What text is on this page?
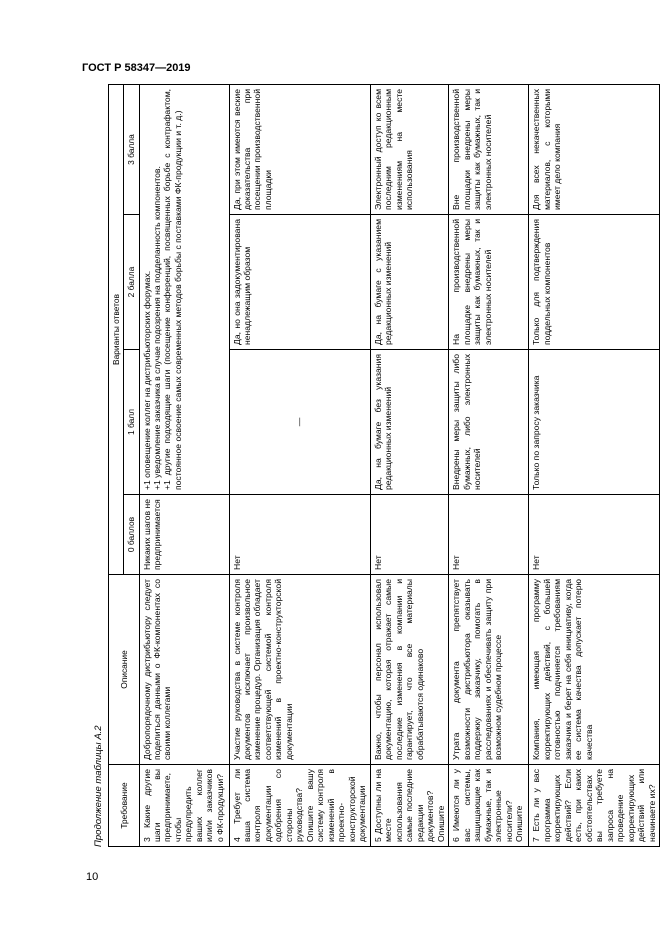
ГОСТ Р 58347—2019
Продолжение таблицы А.2 Требование	Описание	Варианты ответов			
		0 баллов	1 балл	2 балла	3 балла
3 Какие другие шаги вы предпринимаете, чтобы предупредить ваших коллег или/и заказчиков о ФК-продукции?	Добропорядочному дистрибьютору следует поделиться данными о ФК-компонентах со своими коллегами	Никаких шагов не предпринимается	+1 оповещение коллег на дистрибьюторских форумах.
+1 уведомление заказчика в случае подозрения на подделанность компонентов.
+1 другие подходящие шаги (посещение конференций, посвященных борьбе с контрафактом, постоянное освоение самых современных методов борьбы с поставками ФК-продукции и т. д.)		
4 Требует ли ваша система контроля документации одобрения со стороны руководства? Опишите вашу систему контроля изменений в проектно-конструкторской документации	Участие руководства в системе контроля документов исключает произвольное изменение процедур. Организация обладает соответствующей системой контроля изменений в проектно-конструкторской документации	Нет	—	Да, но она задокументирована ненадлежащим образом	Да, при этом имеются веские доказательства при посещении производственной площадки
5 Доступны ли на месте использования самые последние редакции документов? Опишите	Важно, чтобы персонал использовал документацию, которая отражает самые последние изменения в компании и гарантирует, что все материалы обрабатываются одинаково	Нет	Да, на бумаге без указания редакционных изменений	Да, на бумаге с указанием редакционных изменений	Электронный доступ ко всем последним редакционным изменениям на месте использования
6 Имеются ли у вас системы, защищающие как бумажные, так и электронные носители? Опишите	Утрата документа препятствует возможности дистрибьютора оказывать поддержку заказчику, помогать в расследованиях и обеспечивать защиту при возможном судебном процессе	Нет	Внедрены меры защиты либо бумажных, либо электронных носителей	На производственной площадке внедрены меры защиты как бумажных, так и электронных носителей	Вне производственной площадки внедрены меры защиты как бумажных, так и электронных носителей
7 Есть ли у вас программа корректирующих действий? Если есть, при каких обстоятельствах вы требуете запроса на проведение корректирующих действий или начинаете их?	Компания, имеющая программу корректирующих действий, с большей готовностью подчиняется требованиям заказчика и берет на себя инициативу, когда ее система качества допускает потерю качества	Нет	Только по запросу заказчика	Только для подтверждения поддельных компонентов	Для всех некачественных материалов, с которыми имеет дело компания
10
